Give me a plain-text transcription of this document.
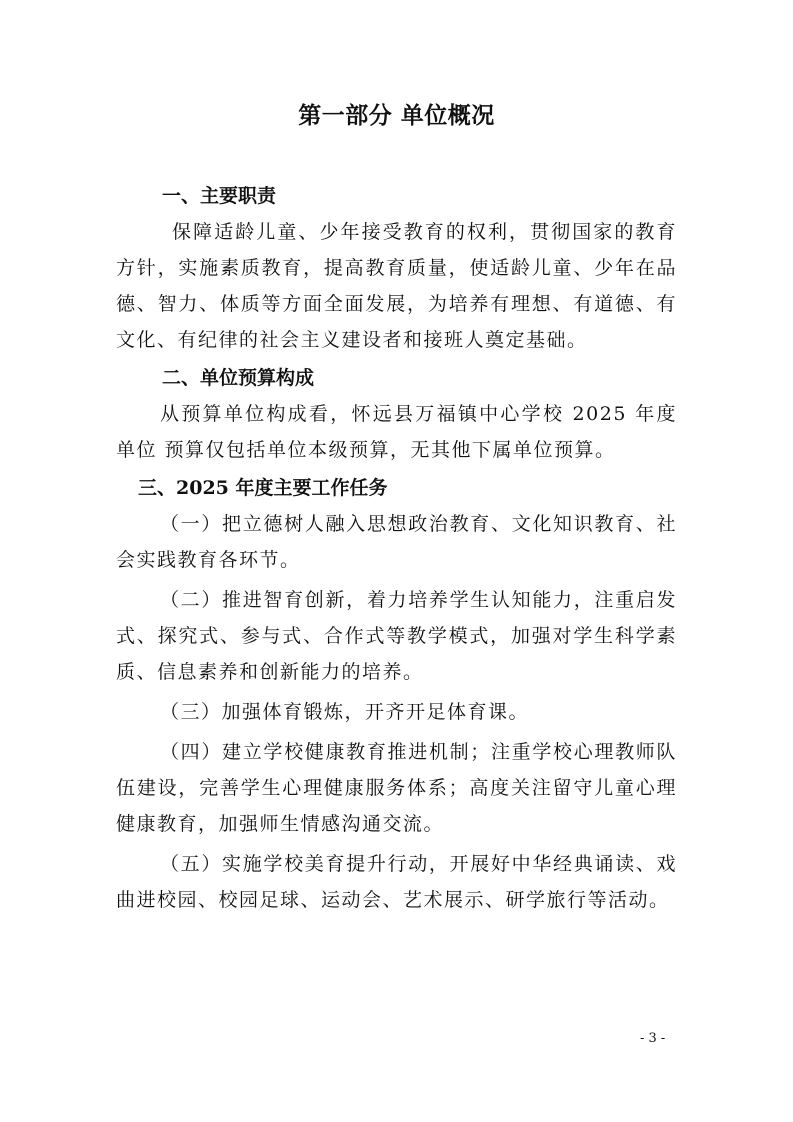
第一部分 单位概况
一、主要职责

保障适龄儿童、少年接受教育的权利，贯彻国家的教育方针，实施素质教育，提高教育质量，使适龄儿童、少年在品德、智力、体质等方面全面发展，为培养有理想、有道德、有文化、有纪律的社会主义建设者和接班人奠定基础。

二、单位预算构成

从预算单位构成看，怀远县万福镇中心学校 2025 年度单位 预算仅包括单位本级预算，无其他下属单位预算。

三、2025 年度主要工作任务

（一）把立德树人融入思想政治教育、文化知识教育、社会实践教育各环节。

（二）推进智育创新，着力培养学生认知能力，注重启发式、探究式、参与式、合作式等教学模式，加强对学生科学素质、信息素养和创新能力的培养。

（三）加强体育锻炼，开齐开足体育课。

（四）建立学校健康教育推进机制；注重学校心理教师队伍建设，完善学生心理健康服务体系；高度关注留守儿童心理健康教育，加强师生情感沟通交流。

（五）实施学校美育提升行动，开展好中华经典诵读、戏曲进校园、校园足球、运动会、艺术展示、研学旅行等活动。

- 3 -
